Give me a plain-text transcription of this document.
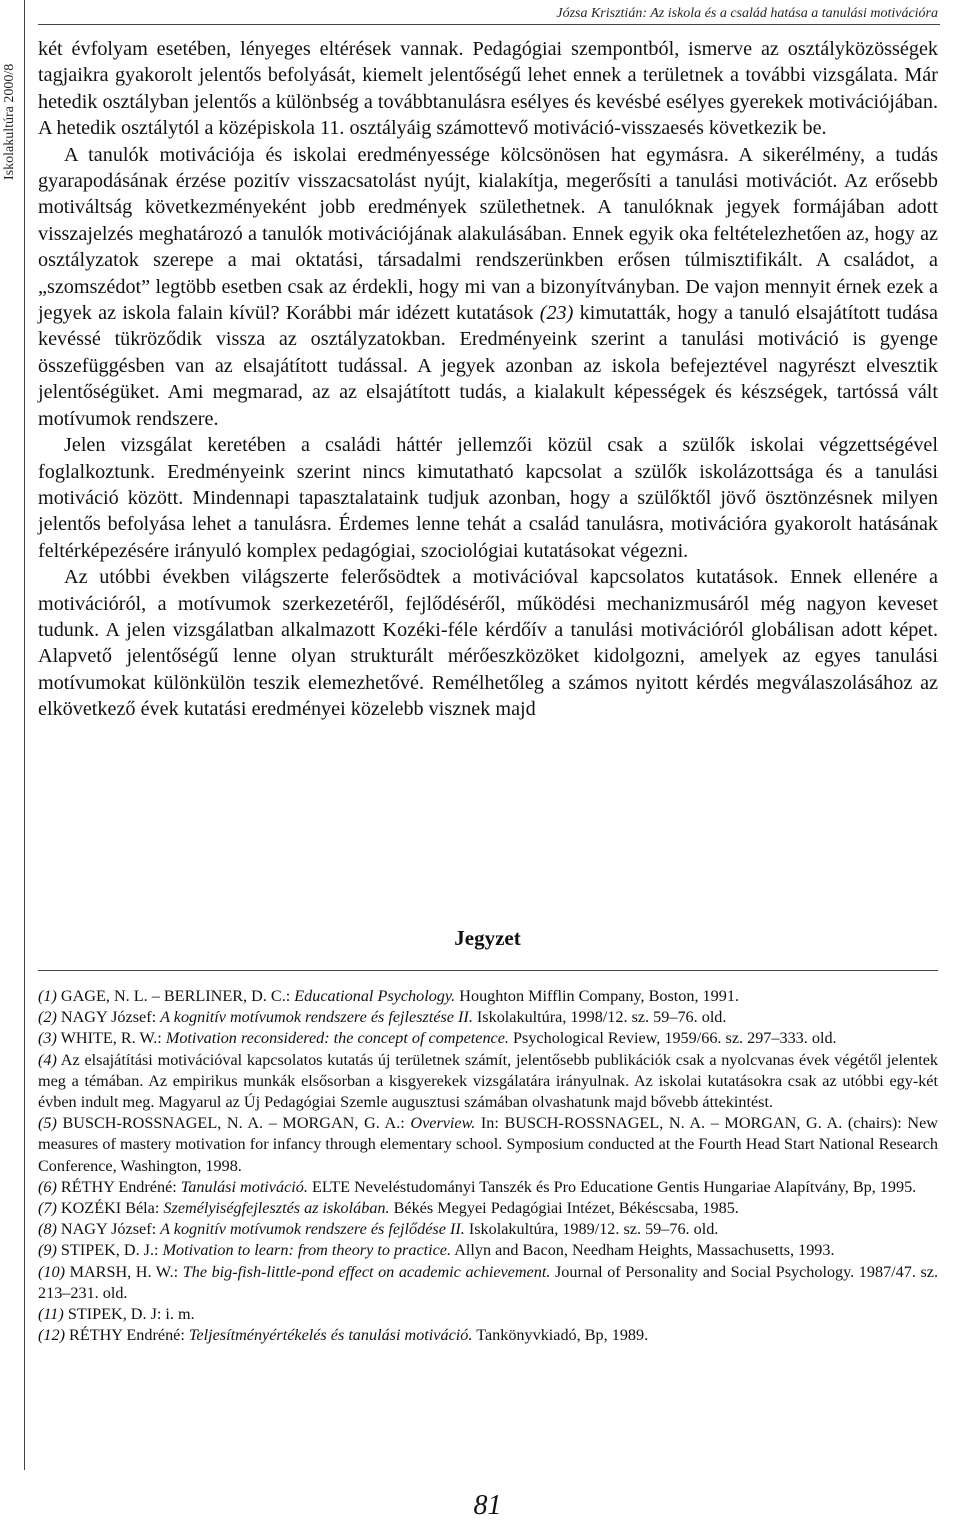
Iskolakultúra 2000/8
Józsa Krisztián: Az iskola és a család hatása a tanulási motivációra

két évfolyam esetében, lényeges eltérések vannak. Pedagógiai szempontból, ismerve az osztályközösségek tagjaikra gyakorolt jelentős befolyását, kiemelt jelentőségű lehet ennek a területnek a további vizsgálata. Már hetedik osztályban jelentős a különbség a továbbtanulásra esélyes és kevésbé esélyes gyerekek motivációjában. A hetedik osztálytól a középiskola 11. osztályáig számottevő motiváció-visszaesés következik be.

A tanulók motivációja és iskolai eredményessége kölcsönösen hat egymásra. A sikerélmény, a tudás gyarapodásának érzése pozitív visszacsatolást nyújt, kialakítja, megerősíti a tanulási motivációt. Az erősebb motiváltság következményeként jobb eredmények születhetnek. A tanulóknak jegyek formájában adott visszajelzés meghatározó a tanulók motivációjának alakulásában. Ennek egyik oka feltételezhetően az, hogy az osztályzatok szerepe a mai oktatási, társadalmi rendszerünkben erősen túlmisztifikált. A családot, a „szomszédot” legtöbb esetben csak az érdekli, hogy mi van a bizonyítványban. De vajon mennyit érnek ezek a jegyek az iskola falain kívül? Korábbi már idézett kutatások (23) kimutatták, hogy a tanuló elsajátított tudása kevéssé tükröződik vissza az osztályzatokban. Eredményeink szerint a tanulási motiváció is gyenge összefüggésben van az elsajátított tudással. A jegyek azonban az iskola befejeztével nagyrészt elvesztik jelentőségüket. Ami megmarad, az az elsajátított tudás, a kialakult képességek és készségek, tartóssá vált motívumok rendszere.

Jelen vizsgálat keretében a családi háttér jellemzői közül csak a szülők iskolai végzettségével foglalkoztunk. Eredményeink szerint nincs kimutatható kapcsolat a szülők iskolázottsága és a tanulási motiváció között. Mindennapi tapasztalataink tudjuk azonban, hogy a szülőktől jövő ösztönzésnek milyen jelentős befolyása lehet a tanulásra. Érdemes lenne tehát a család tanulásra, motivációra gyakorolt hatásának feltérképezésére irányuló komplex pedagógiai, szociológiai kutatásokat végezni.

Az utóbbi években világszerte felerősödtek a motivációval kapcsolatos kutatások. Ennek ellenére a motivációról, a motívumok szerkezetéről, fejlődéséről, működési mechanizmusáról még nagyon keveset tudunk. A jelen vizsgálatban alkalmazott Kozéki-féle kérdőív a tanulási motivációról globálisan adott képet. Alapvető jelentőségű lenne olyan strukturált mérőeszközöket kidolgozni, amelyek az egyes tanulási motívumokat különkülön teszik elemezhetővé. Remélhetőleg a számos nyitott kérdés megválaszolásához az elkövetkező évek kutatási eredményei közelebb visznek majd

Jegyzet

(1) GAGE, N. L. – BERLINER, D. C.: Educational Psychology. Houghton Mifflin Company, Boston, 1991.

(2) NAGY József: A kognitív motívumok rendszere és fejlesztése II. Iskolakultúra, 1998/12. sz. 59–76. old.

(3) WHITE, R. W.: Motivation reconsidered: the concept of competence. Psychological Review, 1959/66. sz. 297–333. old.

(4) Az elsajátítási motivációval kapcsolatos kutatás új területnek számít, jelentősebb publikációk csak a nyolcvanas évek végétől jelentek meg a témában. Az empirikus munkák elsősorban a kisgyerekek vizsgálatára irányulnak. Az iskolai kutatásokra csak az utóbbi egy-két évben indult meg. Magyarul az Új Pedagógiai Szemle augusztusi számában olvashatunk majd bővebb áttekintést.

(5) BUSCH-ROSSNAGEL, N. A. – MORGAN, G. A.: Overview. In: BUSCH-ROSSNAGEL, N. A. – MORGAN, G. A. (chairs): New measures of mastery motivation for infancy through elementary school. Symposium conducted at the Fourth Head Start National Research Conference, Washington, 1998.

(6) RÉTHY Endréné: Tanulási motiváció. ELTE Neveléstudományi Tanszék és Pro Educatione Gentis Hungariae Alapítvány, Bp, 1995.

(7) KOZÉKI Béla: Személyiségfejlesztés az iskolában. Békés Megyei Pedagógiai Intézet, Békéscsaba, 1985.

(8) NAGY József: A kognitív motívumok rendszere és fejlődése II. Iskolakultúra, 1989/12. sz. 59–76. old.

(9) STIPEK, D. J.: Motivation to learn: from theory to practice. Allyn and Bacon, Needham Heights, Massachusetts, 1993.

(10) MARSH, H. W.: The big-fish-little-pond effect on academic achievement. Journal of Personality and Social Psychology. 1987/47. sz. 213–231. old.

(11) STIPEK, D. J: i. m.

(12) RÉTHY Endréné: Teljesítményértékelés és tanulási motiváció. Tankönyvkiadó, Bp, 1989.

81
